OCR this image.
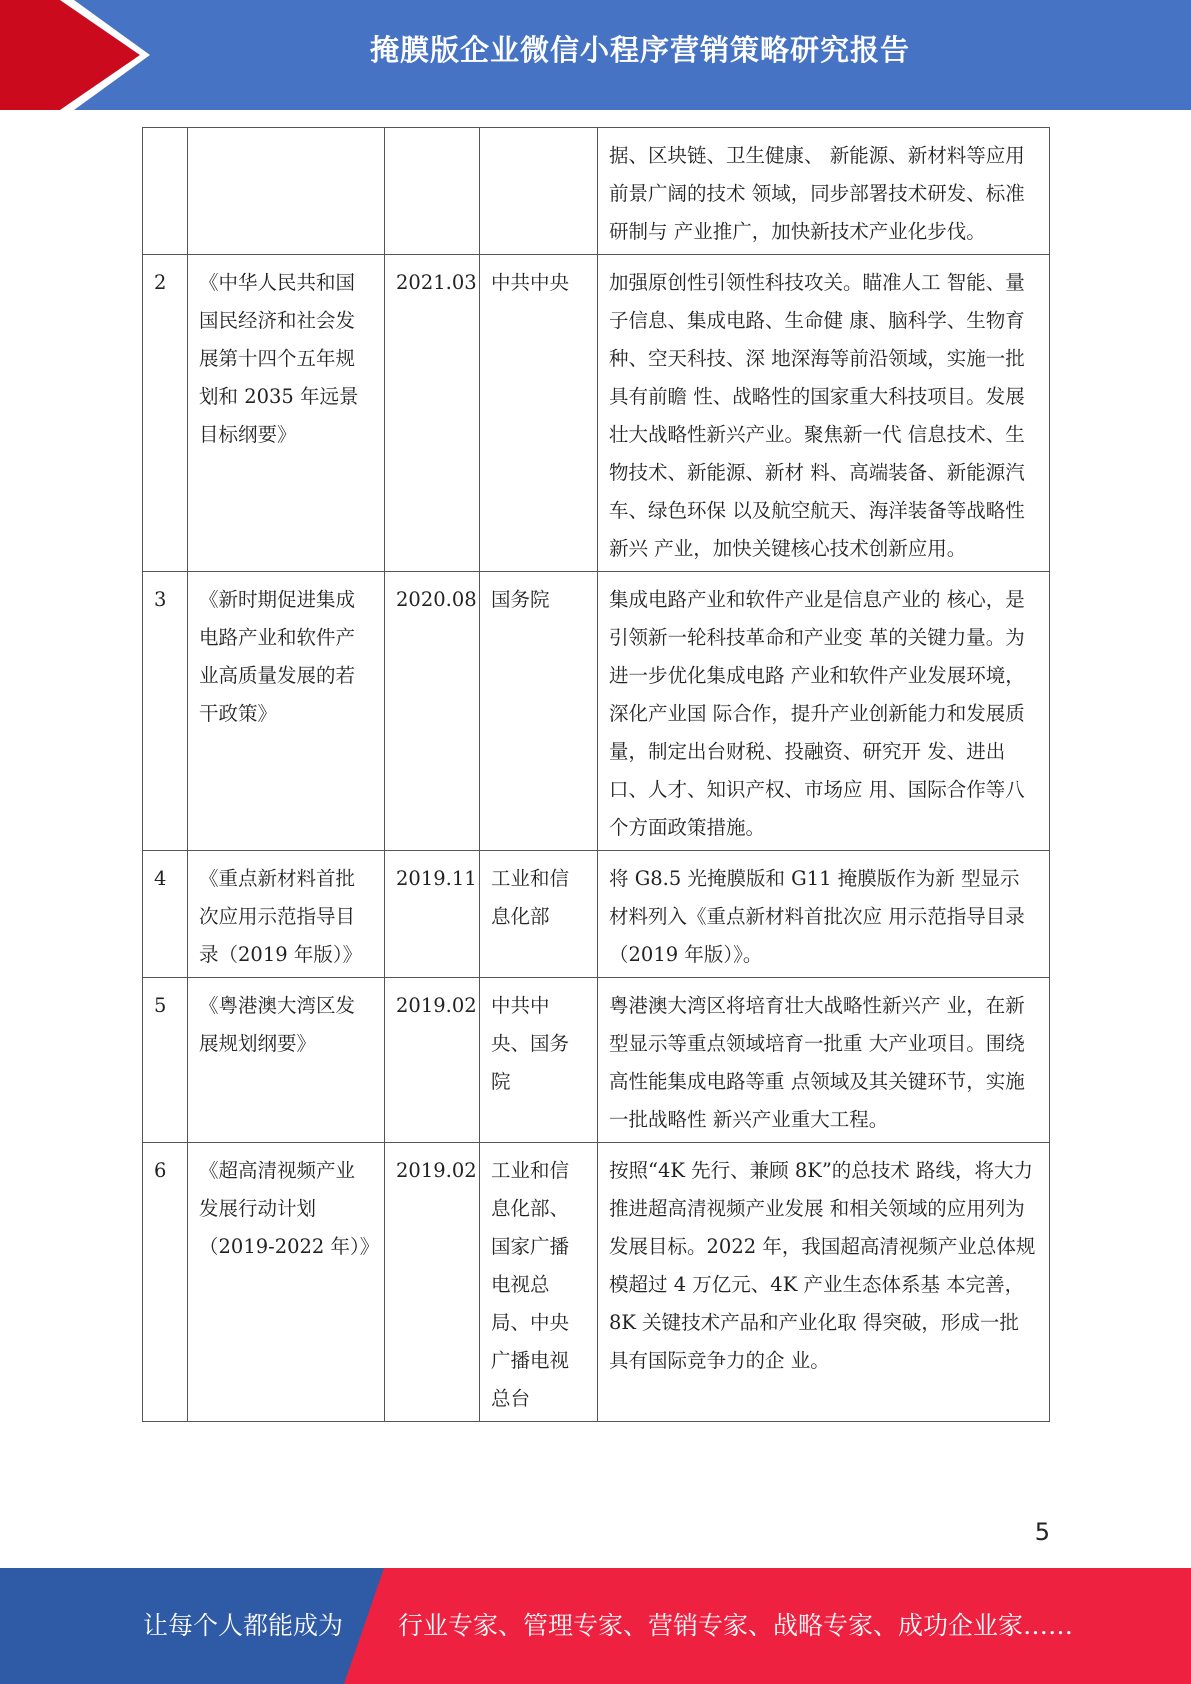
掩膜版企业微信小程序营销策略研究报告
				据、区块链、卫生健康、 新能源、新材料等应用前景广阔的技术 领域，同步部署技术研发、标准研制与 产业推广，加快新技术产业化步伐。
2	《中华人民共和国国民经济和社会发展第十四个五年规划和 2035 年远景目标纲要》	2021.03	中共中央	加强原创性引领性科技攻关。瞄准人工 智能、量子信息、集成电路、生命健 康、脑科学、生物育种、空天科技、深 地深海等前沿领域，实施一批具有前瞻 性、战略性的国家重大科技项目。发展壮大战略性新兴产业。聚焦新一代 信息技术、生物技术、新能源、新材 料、高端装备、新能源汽车、绿色环保 以及航空航天、海洋装备等战略性新兴 产业，加快关键核心技术创新应用。
3	《新时期促进集成电路产业和软件产业高质量发展的若干政策》	2020.08	国务院	集成电路产业和软件产业是信息产业的 核心，是引领新一轮科技革命和产业变 革的关键力量。为进一步优化集成电路 产业和软件产业发展环境，深化产业国 际合作，提升产业创新能力和发展质 量，制定出台财税、投融资、研究开 发、进出口、人才、知识产权、市场应 用、国际合作等八个方面政策措施。
4	《重点新材料首批次应用示范指导目录（2019 年版）》	2019.11	工业和信息化部	将 G8.5 光掩膜版和 G11 掩膜版作为新 型显示材料列入《重点新材料首批次应 用示范指导目录（2019 年版）》。
5	《粤港澳大湾区发展规划纲要》	2019.02	中共中央、国务院	粤港澳大湾区将培育壮大战略性新兴产 业，在新型显示等重点领域培育一批重 大产业项目。围绕高性能集成电路等重 点领域及其关键环节，实施一批战略性 新兴产业重大工程。
6	《超高清视频产业发展行动计划（2019-2022 年）》	2019.02	工业和信息化部、国家广播电视总局、中央广播电视总台	按照“4K 先行、兼顾 8K”的总技术 路线，将大力推进超高清视频产业发展 和相关领域的应用列为发展目标。2022 年，我国超高清视频产业总体规 模超过 4 万亿元、4K 产业生态体系基 本完善，8K 关键技术产品和产业化取 得突破，形成一批具有国际竞争力的企 业。
5
让每个人都能成为 行业专家、管理专家、营销专家、战略专家、成功企业家……
